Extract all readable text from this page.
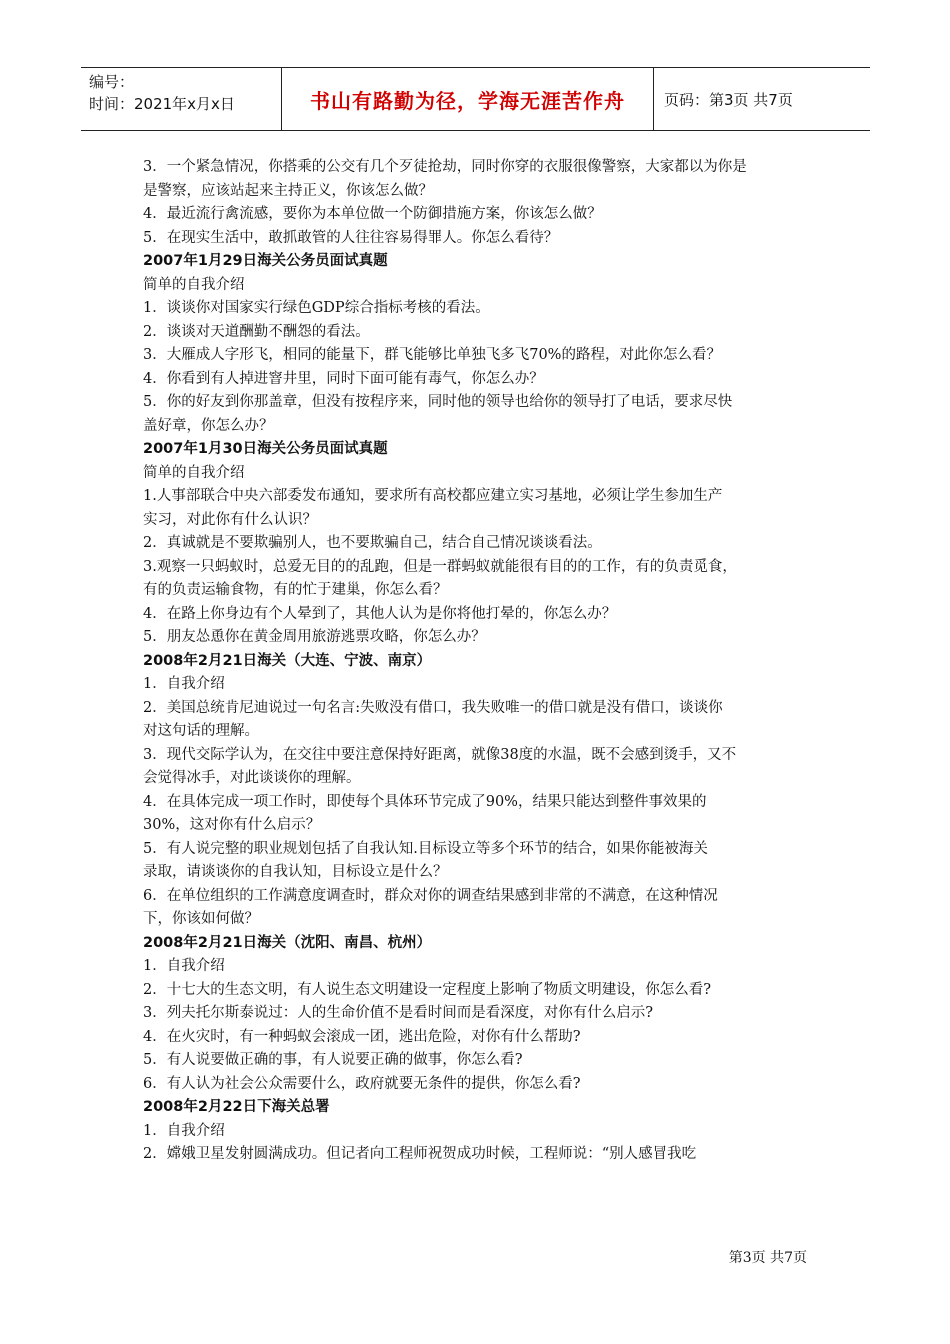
编号：
时间：2021年x月x日	书山有路勤为径，学海无涯苦作舟	页码：第3页 共7页

3．一个紧急情况，你搭乘的公交有几个歹徒抢劫，同时你穿的衣服很像警察，大家都以为你是

是警察，应该站起来主持正义，你该怎么做？

4．最近流行禽流感，要你为本单位做一个防御措施方案，你该怎么做？

5．在现实生活中，敢抓敢管的人往往容易得罪人。你怎么看待？

2007年1月29日海关公务员面试真题

简单的自我介绍

1．谈谈你对国家实行绿色GDP综合指标考核的看法。

2．谈谈对天道酬勤不酬怨的看法。

3．大雁成人字形飞，相同的能量下，群飞能够比单独飞多飞70%的路程，对此你怎么看？

4．你看到有人掉进窨井里，同时下面可能有毒气，你怎么办？

5．你的好友到你那盖章，但没有按程序来，同时他的领导也给你的领导打了电话，要求尽快

盖好章，你怎么办？

2007年1月30日海关公务员面试真题

简单的自我介绍

1.人事部联合中央六部委发布通知，要求所有高校都应建立实习基地，必须让学生参加生产

实习，对此你有什么认识？

2．真诚就是不要欺骗别人，也不要欺骗自己，结合自己情况谈谈看法。

3.观察一只蚂蚁时，总爱无目的的乱跑，但是一群蚂蚁就能很有目的的工作，有的负责觅食，

有的负责运输食物，有的忙于建巢，你怎么看？

4．在路上你身边有个人晕到了，其他人认为是你将他打晕的，你怎么办？

5．朋友怂恿你在黄金周用旅游逃票攻略，你怎么办？

2008年2月21日海关（大连、宁波、南京）

1．自我介绍

2．美国总统肯尼迪说过一句名言:失败没有借口，我失败唯一的借口就是没有借口，谈谈你

对这句话的理解。

3．现代交际学认为，在交往中要注意保持好距离，就像38度的水温，既不会感到烫手，又不

会觉得冰手，对此谈谈你的理解。

4．在具体完成一项工作时，即使每个具体环节完成了90%，结果只能达到整件事效果的

30%，这对你有什么启示？

5．有人说完整的职业规划包括了自我认知.目标设立等多个环节的结合，如果你能被海关

录取，请谈谈你的自我认知，目标设立是什么？

6．在单位组织的工作满意度调查时，群众对你的调查结果感到非常的不满意，在这种情况

下，你该如何做？

2008年2月21日海关（沈阳、南昌、杭州）

1．自我介绍

2．十七大的生态文明，有人说生态文明建设一定程度上影响了物质文明建设，你怎么看?

3．列夫托尔斯泰说过：人的生命价值不是看时间而是看深度，对你有什么启示?

4．在火灾时，有一种蚂蚁会滚成一团，逃出危险，对你有什么帮助?

5．有人说要做正确的事，有人说要正确的做事，你怎么看?

6．有人认为社会公众需要什么，政府就要无条件的提供，你怎么看?

2008年2月22日下海关总署

1．自我介绍

2．嫦娥卫星发射圆满成功。但记者向工程师祝贺成功时候，工程师说：“别人感冒我吃

第3页 共7页
